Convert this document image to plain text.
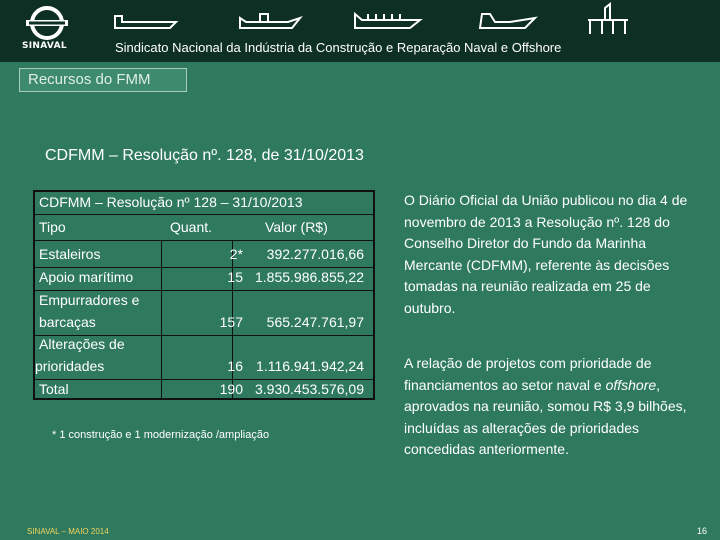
SINAVAL	Sindicato Nacional da Indústria da Construção e Reparação Naval e Offshore
Recursos do FMM
CDFMM – Resolução nº. 128, de 31/10/2013
CDFMM – Resolução nº 128 – 31/10/2013
Tipo	Quant.	Valor (R$)
Estaleiros	2*	392.277.016,66
Apoio marítimo	15 1.855.986.855,22
Empurradores e
barcaças	157	565.247.761,97
Alterações de
prioridades	16 1.116.941.942,24
Total	190 3.930.453.576,09
* 1 construção e 1 modernização /ampliação
O Diário Oficial da União publicou no dia 4 de novembro de 2013 a Resolução nº. 128 do Conselho Diretor do Fundo da Marinha Mercante (CDFMM), referente às decisões tomadas na reunião realizada em 25 de outubro.
A relação de projetos com prioridade de financiamentos ao setor naval e offshore, aprovados na reunião, somou R$ 3,9 bilhões, incluídas as alterações de prioridades concedidas anteriormente.
SINAVAL – MAIO 2014	16
